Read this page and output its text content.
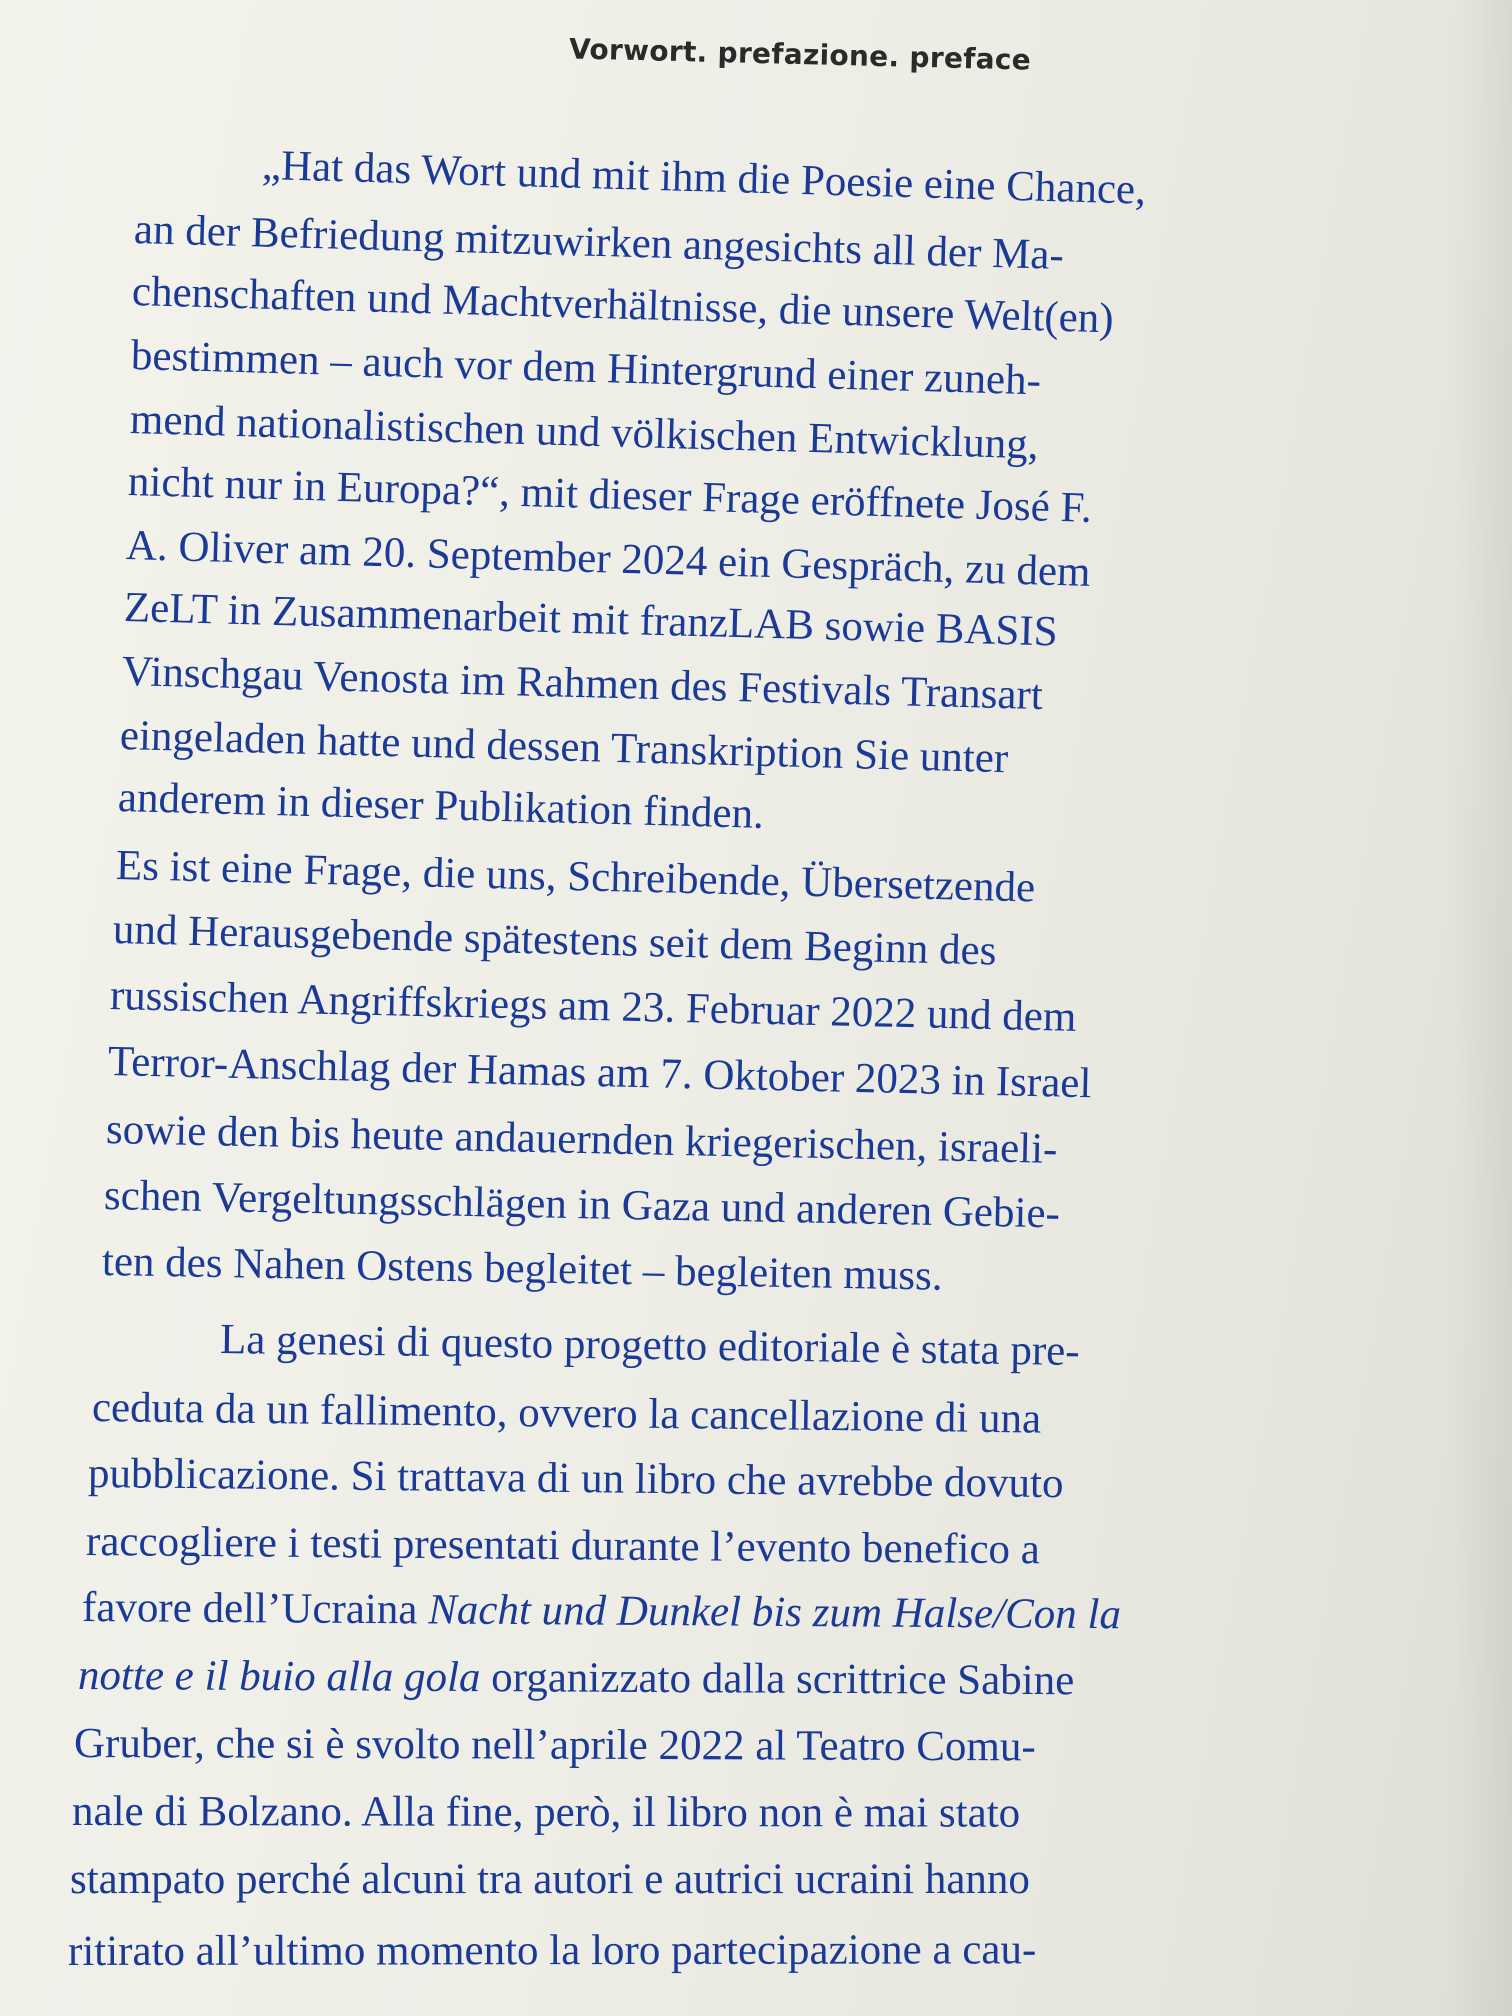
Vorwort. prefazione. preface
„Hat das Wort und mit ihm die Poesie eine Chance,
an der Befriedung mitzuwirken angesichts all der Ma-
chenschaften und Machtverhältnisse, die unsere Welt(en)
bestimmen – auch vor dem Hintergrund einer zuneh-
mend nationalistischen und völkischen Entwicklung,
nicht nur in Europa?“, mit dieser Frage eröffnete José F.
A. Oliver am 20. September 2024 ein Gespräch, zu dem
ZeLT in Zusammenarbeit mit franzLAB sowie BASIS
Vinschgau Venosta im Rahmen des Festivals Transart
eingeladen hatte und dessen Transkription Sie unter
anderem in dieser Publikation finden.
Es ist eine Frage, die uns, Schreibende, Übersetzende
und Herausgebende spätestens seit dem Beginn des
russischen Angriffskriegs am 23. Februar 2022 und dem
Terror-Anschlag der Hamas am 7. Oktober 2023 in Israel
sowie den bis heute andauernden kriegerischen, israeli-
schen Vergeltungsschlägen in Gaza und anderen Gebie-
ten des Nahen Ostens begleitet – begleiten muss.
La genesi di questo progetto editoriale è stata pre-
ceduta da un fallimento, ovvero la cancellazione di una
pubblicazione. Si trattava di un libro che avrebbe dovuto
raccogliere i testi presentati durante l’evento benefico a
favore dell’Ucraina Nacht und Dunkel bis zum Halse/Con la
notte e il buio alla gola organizzato dalla scrittrice Sabine
Gruber, che si è svolto nell’aprile 2022 al Teatro Comu-
nale di Bolzano. Alla fine, però, il libro non è mai stato
stampato perché alcuni tra autori e autrici ucraini hanno
ritirato all’ultimo momento la loro partecipazione a cau-
